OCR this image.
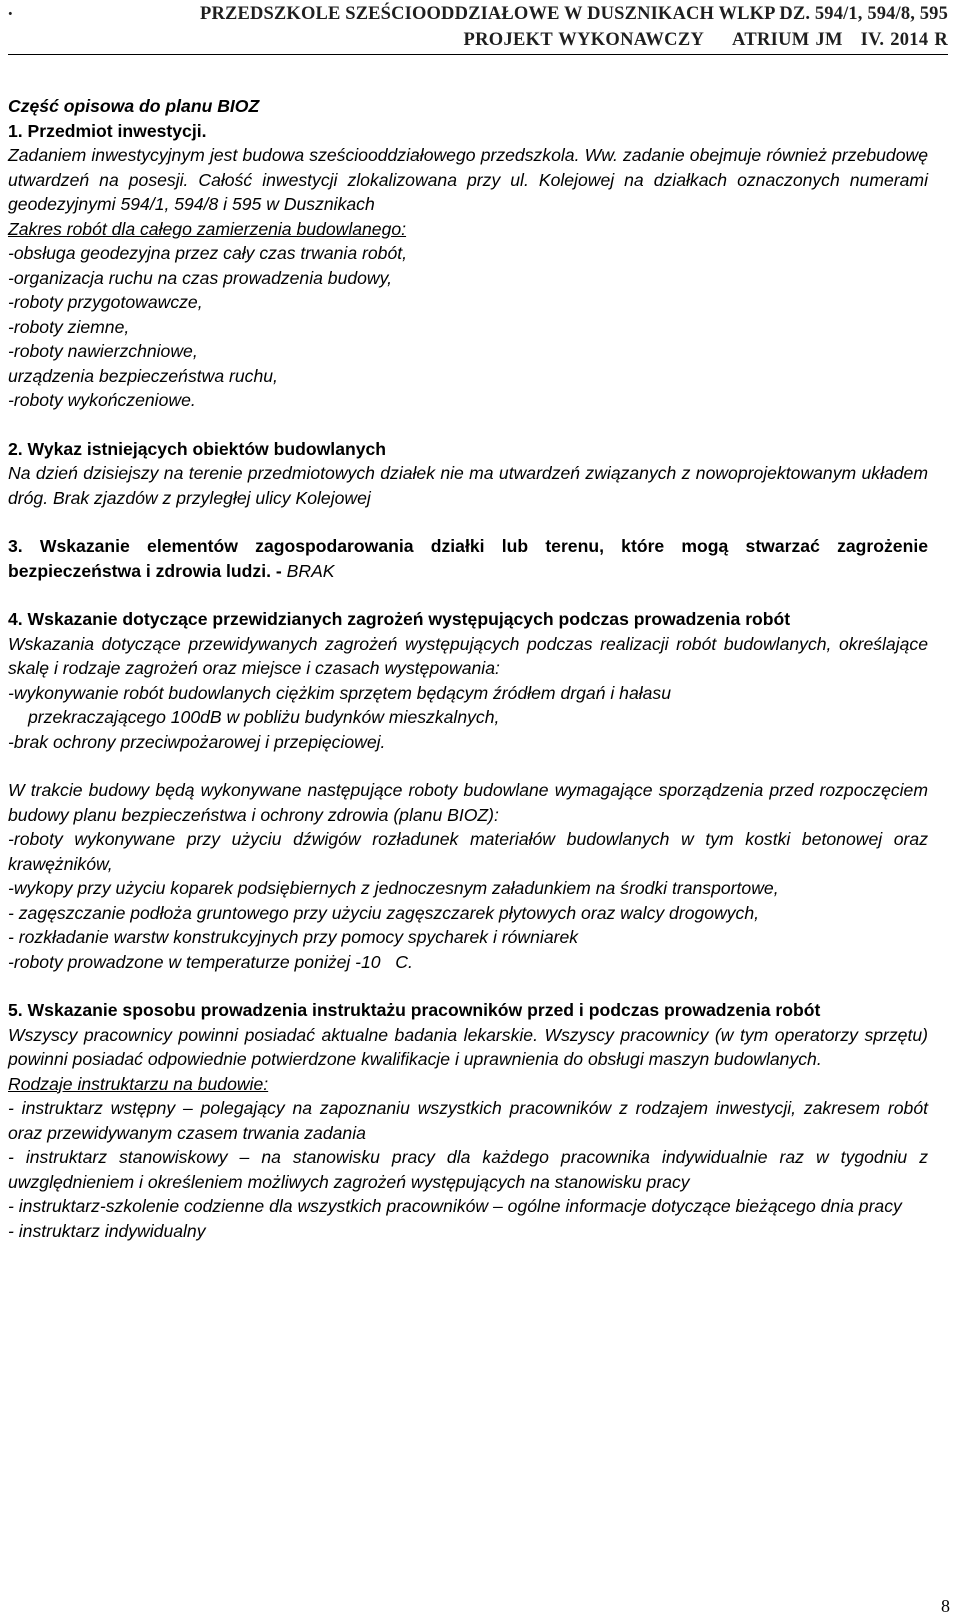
.	PRZEDSZKOLE SZEŚCIOODDZIAŁOWE W DUSZNIKACH WLKP DZ. 594/1, 594/8, 595
PROJEKT WYKONAWCZY     ATRIUM JM   IV. 2014 R

Część opisowa do planu BIOZ

1. Przedmiot inwestycji.

Zadaniem inwestycyjnym jest budowa sześciooddziałowego przedszkola. Ww. zadanie obejmuje również przebudowę utwardzeń na posesji. Całość inwestycji zlokalizowana przy ul. Kolejowej na działkach oznaczonych numerami geodezyjnymi 594/1, 594/8 i 595 w Dusznikach

Zakres robót dla całego zamierzenia budowlanego:

-obsługa geodezyjna przez cały czas trwania robót,

-organizacja ruchu na czas prowadzenia budowy,

-roboty przygotowawcze,

-roboty ziemne,

-roboty nawierzchniowe,

urządzenia bezpieczeństwa ruchu,

-roboty wykończeniowe.

2. Wykaz istniejących obiektów budowlanych

Na dzień dzisiejszy na terenie przedmiotowych działek nie ma utwardzeń związanych z nowoprojektowanym układem dróg. Brak zjazdów z przyległej ulicy Kolejowej

3. Wskazanie elementów zagospodarowania działki lub terenu, które mogą stwarzać zagrożenie bezpieczeństwa i zdrowia ludzi. - BRAK

4. Wskazanie dotyczące przewidzianych zagrożeń występujących podczas prowadzenia robót

Wskazania dotyczące przewidywanych zagrożeń występujących podczas realizacji robót budowlanych, określające skalę i rodzaje zagrożeń oraz miejsce i czasach występowania:

-wykonywanie robót budowlanych ciężkim sprzętem będącym źródłem drgań i hałasu

przekraczającego 100dB w pobliżu budynków mieszkalnych,

-brak ochrony przeciwpożarowej i przepięciowej.

W trakcie budowy będą wykonywane następujące roboty budowlane wymagające sporządzenia przed rozpoczęciem budowy planu bezpieczeństwa i ochrony zdrowia (planu BIOZ):

-roboty wykonywane przy użyciu dźwigów rozładunek materiałów budowlanych w tym kostki betonowej oraz krawężników,

-wykopy przy użyciu koparek podsiębiernych z jednoczesnym załadunkiem na środki transportowe,

- zagęszczanie podłoża gruntowego przy użyciu zagęszczarek płytowych oraz walcy drogowych,

- rozkładanie warstw konstrukcyjnych przy pomocy spycharek i równiarek

-roboty prowadzone w temperaturze poniżej -10   C.

5. Wskazanie sposobu prowadzenia instruktażu pracowników przed i podczas prowadzenia robót

Wszyscy pracownicy powinni posiadać aktualne badania lekarskie. Wszyscy pracownicy (w tym operatorzy sprzętu) powinni posiadać odpowiednie potwierdzone kwalifikacje i uprawnienia do obsługi maszyn budowlanych.

Rodzaje instruktarzu na budowie:

- instruktarz wstępny – polegający na zapoznaniu wszystkich pracowników z rodzajem inwestycji, zakresem robót oraz przewidywanym czasem trwania zadania

- instruktarz stanowiskowy – na stanowisku pracy dla każdego pracownika indywidualnie raz w tygodniu z uwzględnieniem i określeniem możliwych zagrożeń występujących na stanowisku pracy

- instruktarz-szkolenie codzienne dla wszystkich pracowników – ogólne informacje dotyczące bieżącego dnia pracy

- instruktarz indywidualny

8
